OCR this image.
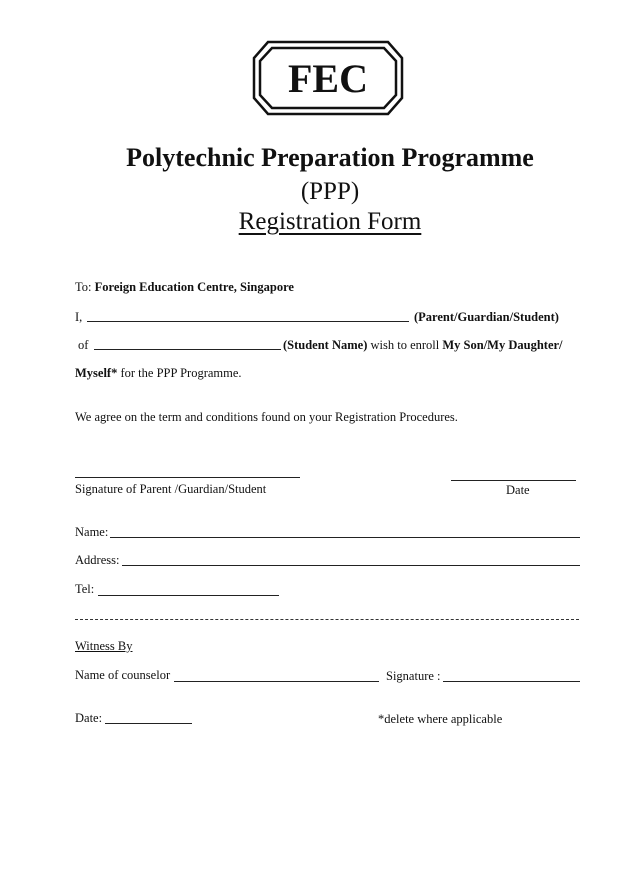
FEC
Polytechnic Preparation Programme
(PPP)
Registration Form
To: Foreign Education Centre, Singapore
I,	(Parent/Guardian/Student)
of	(Student Name) wish to enroll My Son/My Daughter/
Myself* for the PPP Programme.
We agree on the term and conditions found on your Registration Procedures.
Signature of Parent /Guardian/Student	Date
Name:
Address:
Tel:
Witness By
Name of counselor	Signature :
Date:	*delete where applicable
